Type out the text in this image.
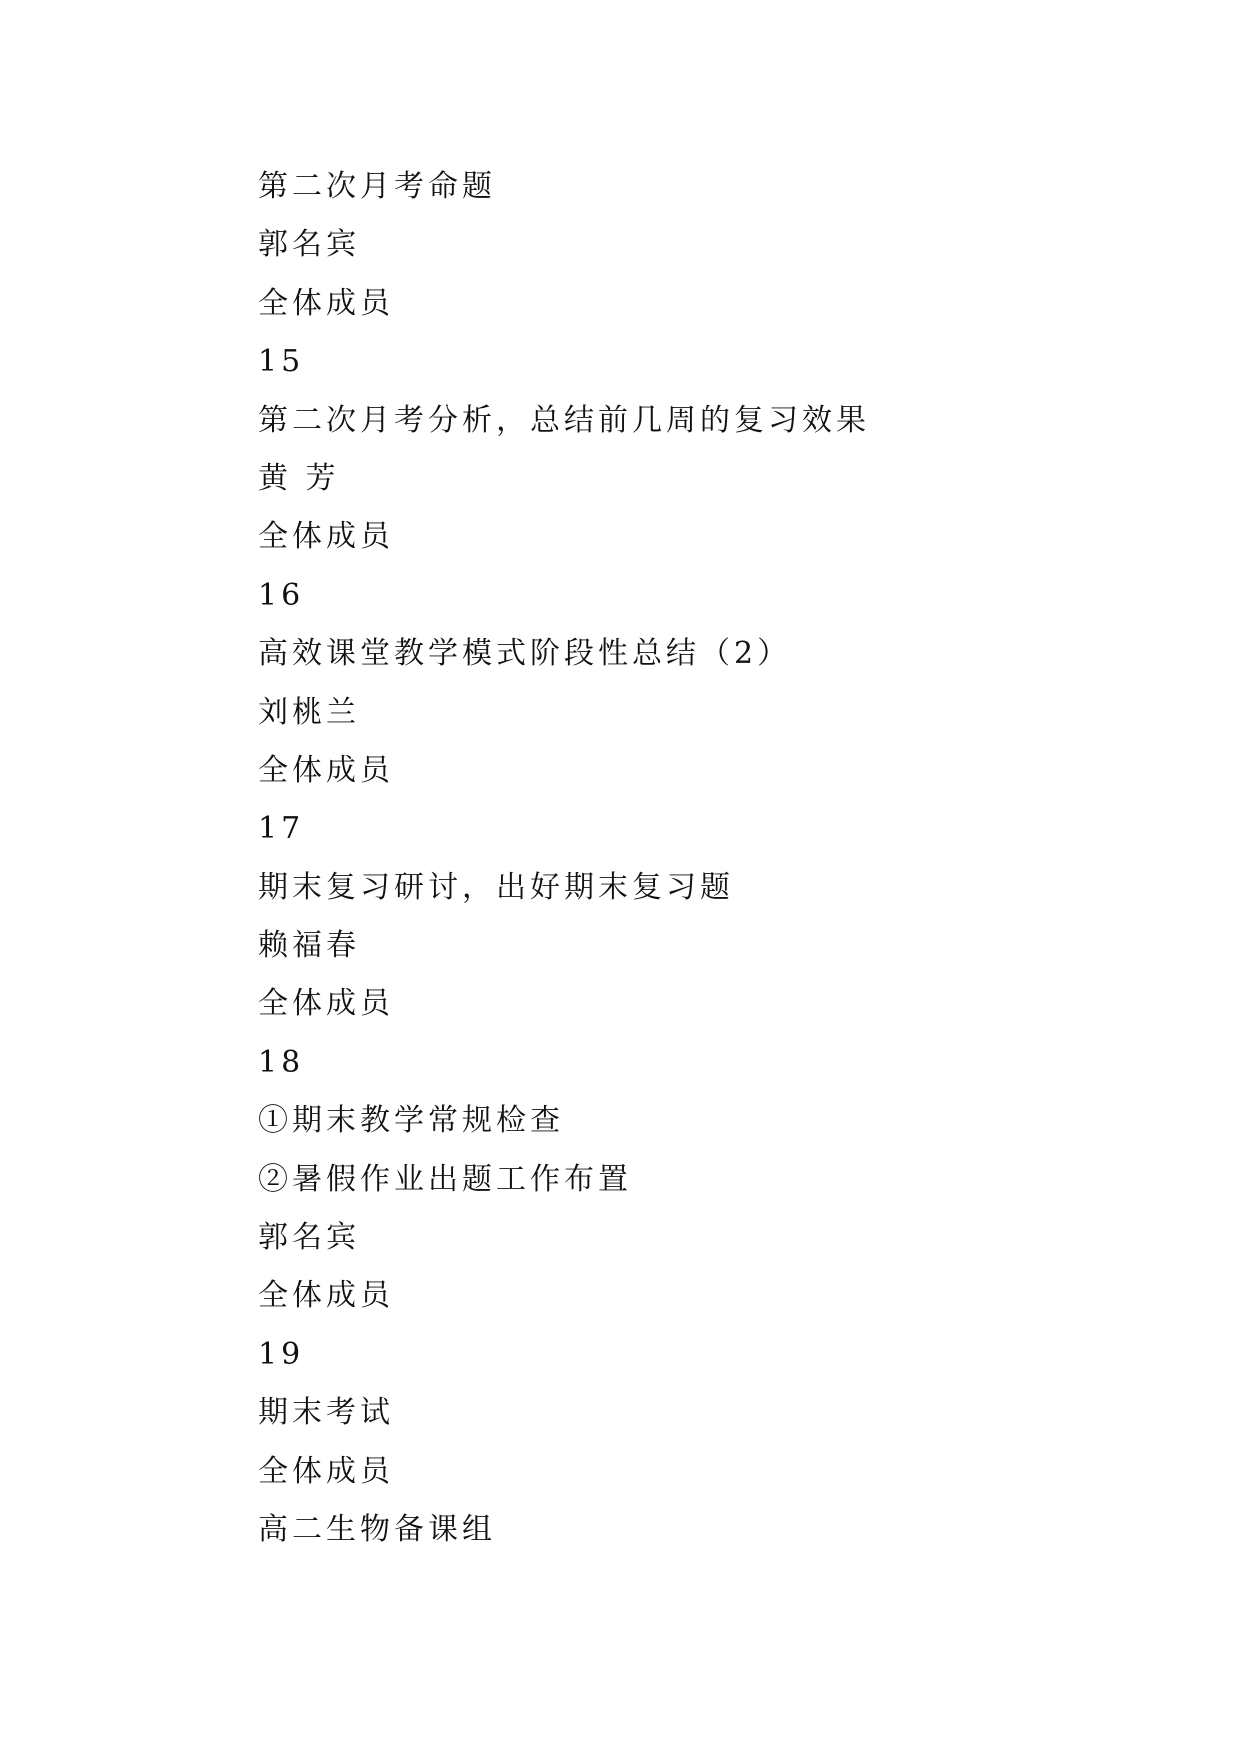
第二次月考命题

郭名宾

全体成员

15

第二次月考分析，总结前几周的复习效果

黄 芳

全体成员

16

高效课堂教学模式阶段性总结（2）

刘桃兰

全体成员

17

期末复习研讨，出好期末复习题

赖福春

全体成员

18

①期末教学常规检查

②暑假作业出题工作布置

郭名宾

全体成员

19

期末考试

全体成员

高二生物备课组
